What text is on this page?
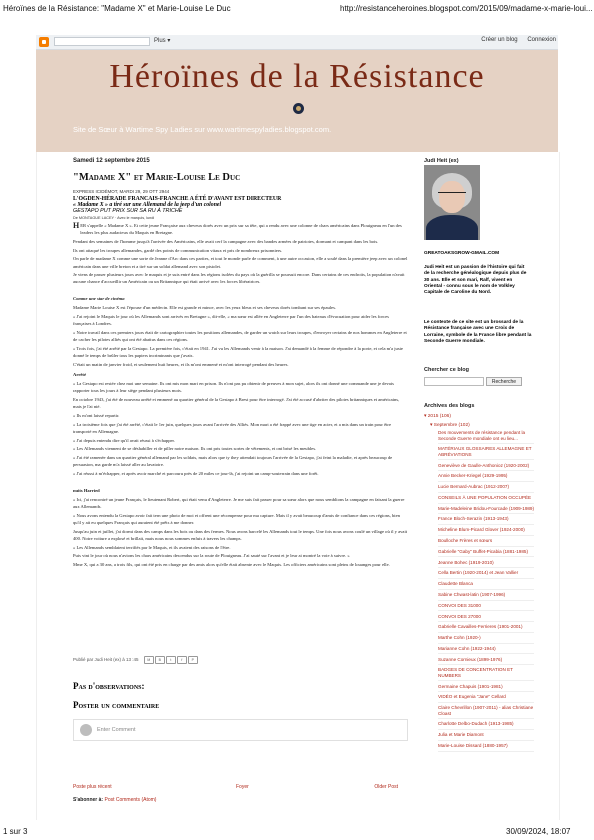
Héroïnes de la Résistance: "Madame X" et Marie-Louise Le Duc	http://resistanceheroines.blogspot.com/2015/09/madame-x-marie-loui...
1 sur 3	30/09/2024, 18:07
Plus ▾	Créer un blog Connexion
Héroïnes de la Résistance
Site de Sœur à Wartime Spy Ladies sur www.wartimespyladies.blogspot.com.
Samedi 12 septembre 2015
"Madame X" et Marie-Louise Le Duc
EXPRESS ICIDÉMOT, MARDI 29, 29 OTT 2944
L'OGDEN-HÉRADE FRANCAIS-FRANCHE A ÉTÉ D'AVANT EST DIRECTEUR
« Madame X » a tiré sur une Allemand de la jeep d'un colonel
GESTAPO PUT PRIX SUR SA RU À TRICHE
De MONTAGUE LACEY · Avec le marquis, lundi

HER s'appelle « Madame X ». Et cette jeune Française aux cheveux dorés avec un prix sur sa tête, qui a rendu avec une colonne de chars américains dans Plouigneau en l'un des leaders les plus audacieux du Maquis en Bretagne.

Pendant des semaines de l'homme jusqu'à l'arrivée des Américains, elle avait cerf la campagne avec des bandes armées de patriotes, dormant et campant dans les bois.

Ils ont attaqué les troupes allemandes, gardé des points de communication vitaux et pris de nombreux prisonniers.

On parle de madame X comme une sorte de Jeanne d'Arc dans ces parties, et tout le monde parle de comment, à une autre occasion, elle a soulé dans la première jeep avec un colonel américain dans une ville breton et a tiré sur un soldat allemand avec son pistolet.

Je viens de passer plusieurs jours avec le maquis et je suis entré dans les régions isolées du pays où la guérilla se poursuit encore. Dans certains de ces endroits, la population n'avait aucune chance d'accueillir un Américain ou un Britannique qui était arrivé avec les forces libératrices.

Comme une star de cinéma

Madame Marie Louise X est l'épouse d'un médecin. Elle est grande et mince, avec les yeux bleus et ses cheveux dorés tombant sur ses épaules.

« J'ai rejoint le Maquis le jour où les Allemands sont arrivés en Bretagne », dit-elle, « ma sœur est allée en Angleterre par l'un des bateaux d'évacuation pour aider les forces françaises à Londres.

« Notre travail dans ces premiers jours était de cartographier toutes les positions allemandes, de garder un watch sur leurs troupes, d'envoyer certains de nos hommes en Angleterre et de cacher les pilotes alliés qui ont été abattus dans ces régions.

« Trois fois, j'ai été arrêté par la Gestapo. La première fois, c'était en 1941. J'ai vu les Allemands venir à la maison. J'ai demandé à la femme de répondre à la porte, et cela m'a juste donné le temps de brûler tous les papiers incriminants que j'avais.

C'était un matin de janvier froid, et seulement huit heures, et ils m'ont emmené et m'ont interrogé pendant des heures.

Arrêté

« La Gestapo est restée chez moi une semaine. Ils ont mis mon mari en prison. Ils n'ont pas pu obtenir de preuves à mon sujet, alors ils ont donné une commande une je devais rapporter tous les jours à leur siège pendant plusieurs mois.

En octobre 1943, j'ai été de nouveau arrêté et emmené au quartier général de la Gestapo à Brest pour être interrogé. J'ai été accusé d'abriter des pilotes britanniques et américains, mais je l'ai nié.

« Ils m'ont laissé repartir.

« La troisième fois que j'ai été arrêté, c'était le 1er juin, quelques jours avant l'arrivée des Alliés. Mon mari a été frappé avec une tige en acier, et a mis dans un train pour être transporté en Allemagne.

« J'ai depuis entendu dire qu'il avait réussi à s'échapper.

« Les Allemands viennent de se déshabiller et de piller notre maison. Ils ont pris toutes sortes de vêtements, et ont brisé les meubles.

« J'ai été ramenée dans un quartier général allemand par les soldats, mais alors que ty they attendait toujours l'arrivée de la Gestapo, j'ai feint la maladie, et après beaucoup de persuasion, ma garde m'a laissé aller au lavatoire.

« J'ai réussi à m'échapper, et après avoir marché et parcouru près de 20 miles ce jour-là, j'ai rejoint un camp-souterrain dans une forêt.

nuits Harried

« Ici, j'ai rencontré un jeune Français, le lieutenant Robert, qui était venu d'Angleterre. Je me suis fait passer pour sa sœur alors que nous semblions la campagne en faisant la guerre aux Allemands.

« Nous avons entendu la Gestapo avoir fait tern une photo de moi et offrent une récompense pour ma capture. Mais il y avait beaucoup d'amis de confiance dans ces régions, bien qu'il y ait eu quelques Français qui auraient été prêts à me donner.

Jusqu'au juin et juillet, j'ai dormi dans des camps dans les bois ou dans des fermes. Nous avons harcelé les Allemands tout le temps. Une fois nous avons coulé un village où il y avait 400. Notre voiture a explosé et brillait, mais nous nous sommes enfuis à travers les champs.

« Les Allemands semblaient terrifiés par le Maquis, et ils avaient des raisons de l'être.

Puis vint le jour où nous n'avions les chars américains descendus sur la route de Plouigneau. J'ai sauté sur l'avant et je leur ai montré la voie à suivre. »

Mme X, qui a 30 ans, a trois fils, qui ont été pris en charge par des amis alors qu'elle était absente avec le Maquis. Les officiers américains sont pleins de louanges pour elle.

Publié par Judi Heit (ex) à 13 :45	M	B	t	f	P
Pas d'observations:
Poster un commentaire
Enter Comment
Poste plus récent	Foyer	Older Post
S'abonner à: Post Comments (Atom)
Judi Heit (ex)
GREATOAKSGROW-GMAIL.COM
Judi Heit est un passion de l'histoire qui fait de la recherche généalogique depuis plus de 30 ans. Elle et son mari, Ralf, vivent en Oriental - connu sous le nom de Volkley Capitale de Caroline du Nord.
Le contexte de ce site est un brossard de la Résistance française avec une Croix de Lorraine, symbole de la France libre pendant la Seconde Guerre mondiale.
Chercher ce blog
Recherche
Archives des blogs
▾ 2015 (106)
▾ Septembre (102)
Des mouvements de résistance pendant la Seconde Guerre mondiale ont eu lieu...
MATÉRIAUX GLOSSAIRES ALLEMAGNE ET ABRÉVIATIONS
Geneviève de Gaulle-Anthonioz (1920-2002)
Annie Becker-Kriegel (1929-1995)
Lucie Bernard-Aubrac (1912-2007)
CONSEILS À UNE POPULATION OCCUPÉE
Marie-Madeleine Bridou-Fourcade (1909-1989)
France Bloch-Serazin (1913-1943)
Micheline Blum-Picard Glover (1924-2000)
Boulloche Frères et sœurs
Gabrielle "Gaby" Buffet-Picabia (1881-1985)
Jeanne Bohec (1919-2010)
Cella Bertin (1920-2014) et Jean Vallier
Claudette Blanca
Sabine Chwast-latin (1907-1996)
CONVOI DES 31000
CONVOI DES 27000
Gabrielle Cavailles-Ferrieres (1901-2001)
Marthe Cohn (1920-)
Marianne Cohn (1922-1944)
Suzanne Cornieux (1899-1976)
BADGES DE CONCENTRATION ET NUMBERS
Germaine Chapuis (1901-1981)
VIDÉO et Eugenia "Jane" Cellard
Claire Chevrillon (1907-2011) - alias Christiane Cloast
Charlotte Delbo-Dudach (1913-1985)
Julia et Marie Diamont
Marie-Louise Dissard (1880-1957)
